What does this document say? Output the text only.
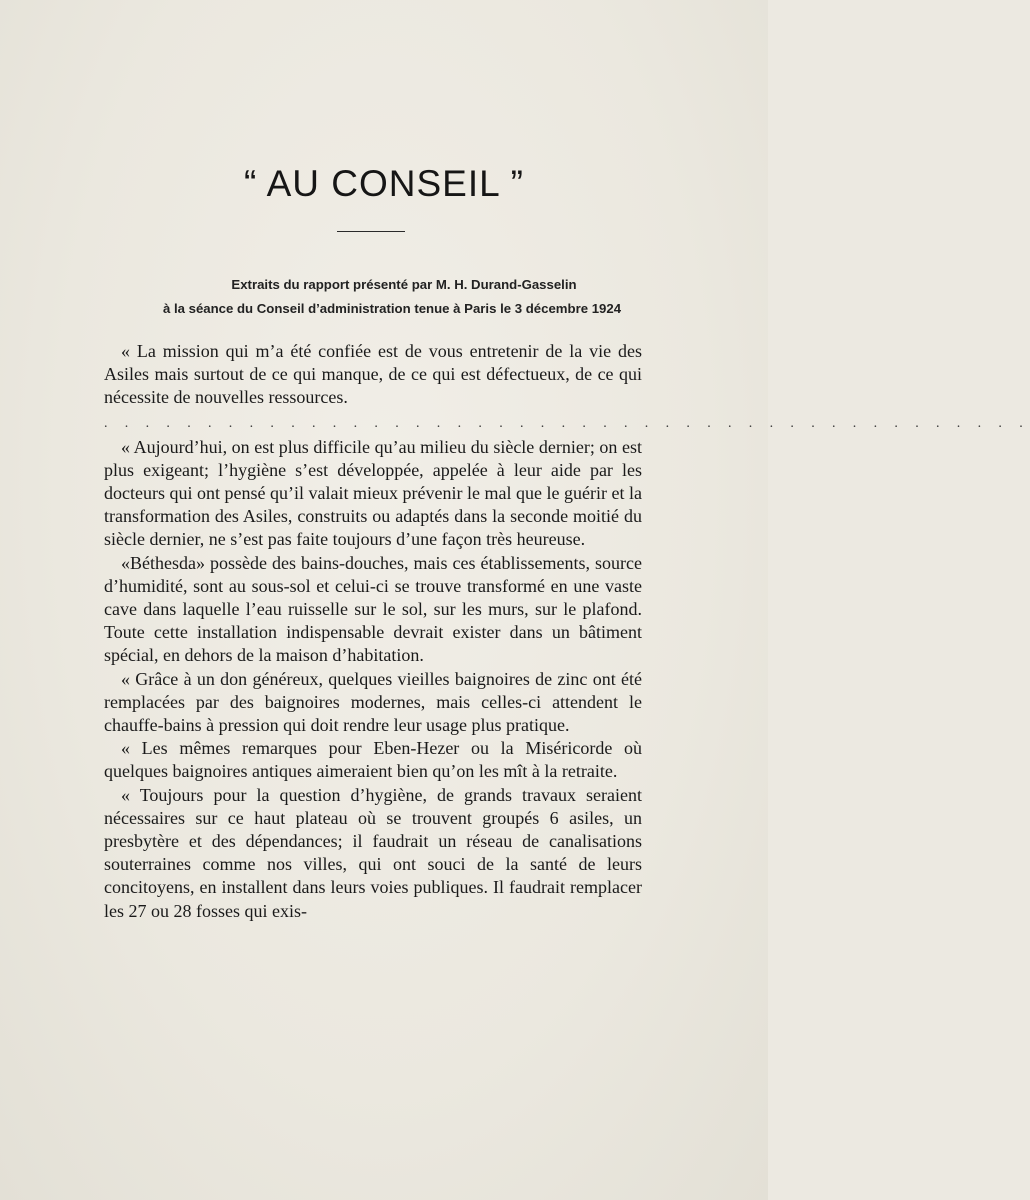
“ AU CONSEIL ”
Extraits du rapport présenté par M. H. Durand-Gasselin
à la séance du Conseil d’administration tenue à Paris le 3 décembre 1924

« La mission qui m’a été confiée est de vous entretenir de la vie des Asiles mais surtout de ce qui manque, de ce qui est défectueux, de ce qui nécessite de nouvelles ressources.

. . . . . . . . . . . . . . . . . . . . . . . . . . . . . . . . . . . . . . . . . . . . .

« Aujourd’hui, on est plus difficile qu’au milieu du siècle dernier; on est plus exigeant; l’hygiène s’est développée, appelée à leur aide par les docteurs qui ont pensé qu’il valait mieux prévenir le mal que le guérir et la transformation des Asiles, construits ou adaptés dans la seconde moitié du siècle dernier, ne s’est pas faite toujours d’une façon très heureuse.

«Béthesda» possède des bains-douches, mais ces établissements, source d’humidité, sont au sous-sol et celui-ci se trouve transformé en une vaste cave dans laquelle l’eau ruisselle sur le sol, sur les murs, sur le plafond. Toute cette installation indispensable devrait exister dans un bâtiment spécial, en dehors de la maison d’habitation.

« Grâce à un don généreux, quelques vieilles baignoires de zinc ont été remplacées par des baignoires modernes, mais celles-ci attendent le chauffe-bains à pression qui doit rendre leur usage plus pratique.

« Les mêmes remarques pour Eben-Hezer ou la Miséricorde où quelques baignoires antiques aimeraient bien qu’on les mît à la retraite.

« Toujours pour la question d’hygiène, de grands travaux seraient nécessaires sur ce haut plateau où se trouvent groupés 6 asiles, un presbytère et des dépendances; il faudrait un réseau de canalisations souterraines comme nos villes, qui ont souci de la santé de leurs concitoyens, en installent dans leurs voies publiques. Il faudrait remplacer les 27 ou 28 fosses qui exis-
